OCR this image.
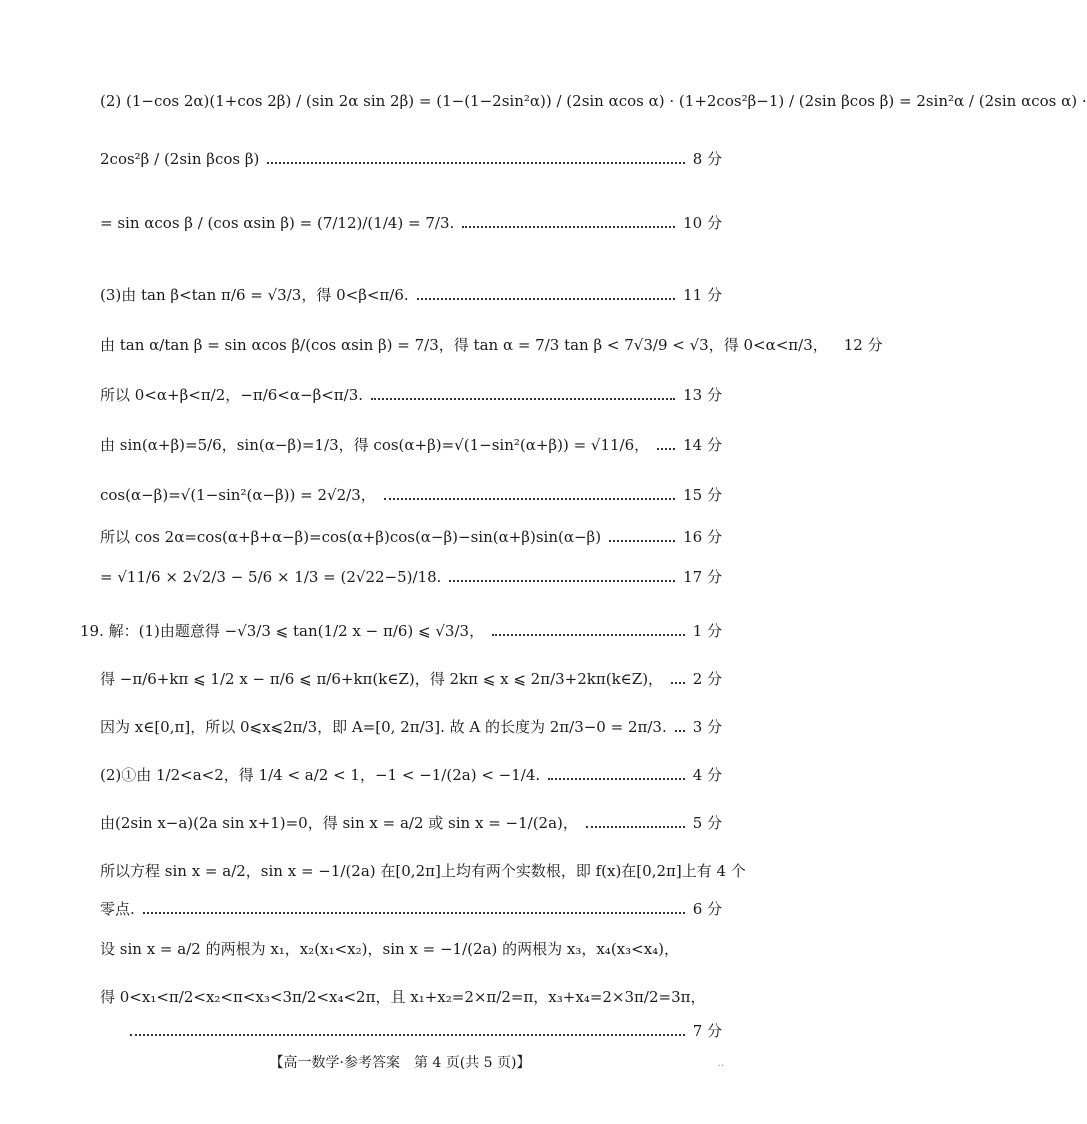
(2) (1−cos 2α)(1+cos 2β) / (sin 2α sin 2β) = (1−(1−2sin²α)) / (2sin αcos α) · (1+2cos²β−1) / (2sin βcos β) = 2sin²α / (2sin αcos α) ·
2cos²β / (2sin βcos β)	8 分
= sin αcos β / (cos αsin β) = (7/12)/(1/4) = 7/3.	10 分
(3)由 tan β<tan π/6 = √3/3，得 0<β<π/6.	11 分
由 tan α/tan β = sin αcos β/(cos αsin β) = 7/3，得 tan α = 7/3 tan β < 7√3/9 < √3，得 0<α<π/3， 12 分
所以 0<α+β<π/2，−π/6<α−β<π/3.	13 分
由 sin(α+β)=5/6，sin(α−β)=1/3，得 cos(α+β)=√(1−sin²(α+β)) = √11/6， 14 分
cos(α−β)=√(1−sin²(α−β)) = 2√2/3，	15 分
所以 cos 2α=cos(α+β+α−β)=cos(α+β)cos(α−β)−sin(α+β)sin(α−β)	16 分
= √11/6 × 2√2/3 − 5/6 × 1/3 = (2√22−5)/18.	17 分
19. 解：(1)由题意得 −√3/3 ⩽ tan(1/2 x − π/6) ⩽ √3/3，	1 分
得 −π/6+kπ ⩽ 1/2 x − π/6 ⩽ π/6+kπ(k∈Z)，得 2kπ ⩽ x ⩽ 2π/3+2kπ(k∈Z)， 2 分
因为 x∈[0,π]，所以 0⩽x⩽2π/3，即 A=[0, 2π/3]. 故 A 的长度为 2π/3−0 = 2π/3. 3 分
(2)①由 1/2<a<2，得 1/4 < a/2 < 1，−1 < −1/(2a) < −1/4.	4 分
由(2sin x−a)(2a sin x+1)=0，得 sin x = a/2 或 sin x = −1/(2a)，	5 分
所以方程 sin x = a/2，sin x = −1/(2a) 在[0,2π]上均有两个实数根，即 f(x)在[0,2π]上有 4 个
零点.	6 分
设 sin x = a/2 的两根为 x₁，x₂(x₁<x₂)，sin x = −1/(2a) 的两根为 x₃，x₄(x₃<x₄)，
得 0<x₁<π/2<x₂<π<x₃<3π/2<x₄<2π，且 x₁+x₂=2×π/2=π，x₃+x₄=2×3π/2=3π，
7 分
【高一数学·参考答案　第 4 页(共 5 页)】	..
